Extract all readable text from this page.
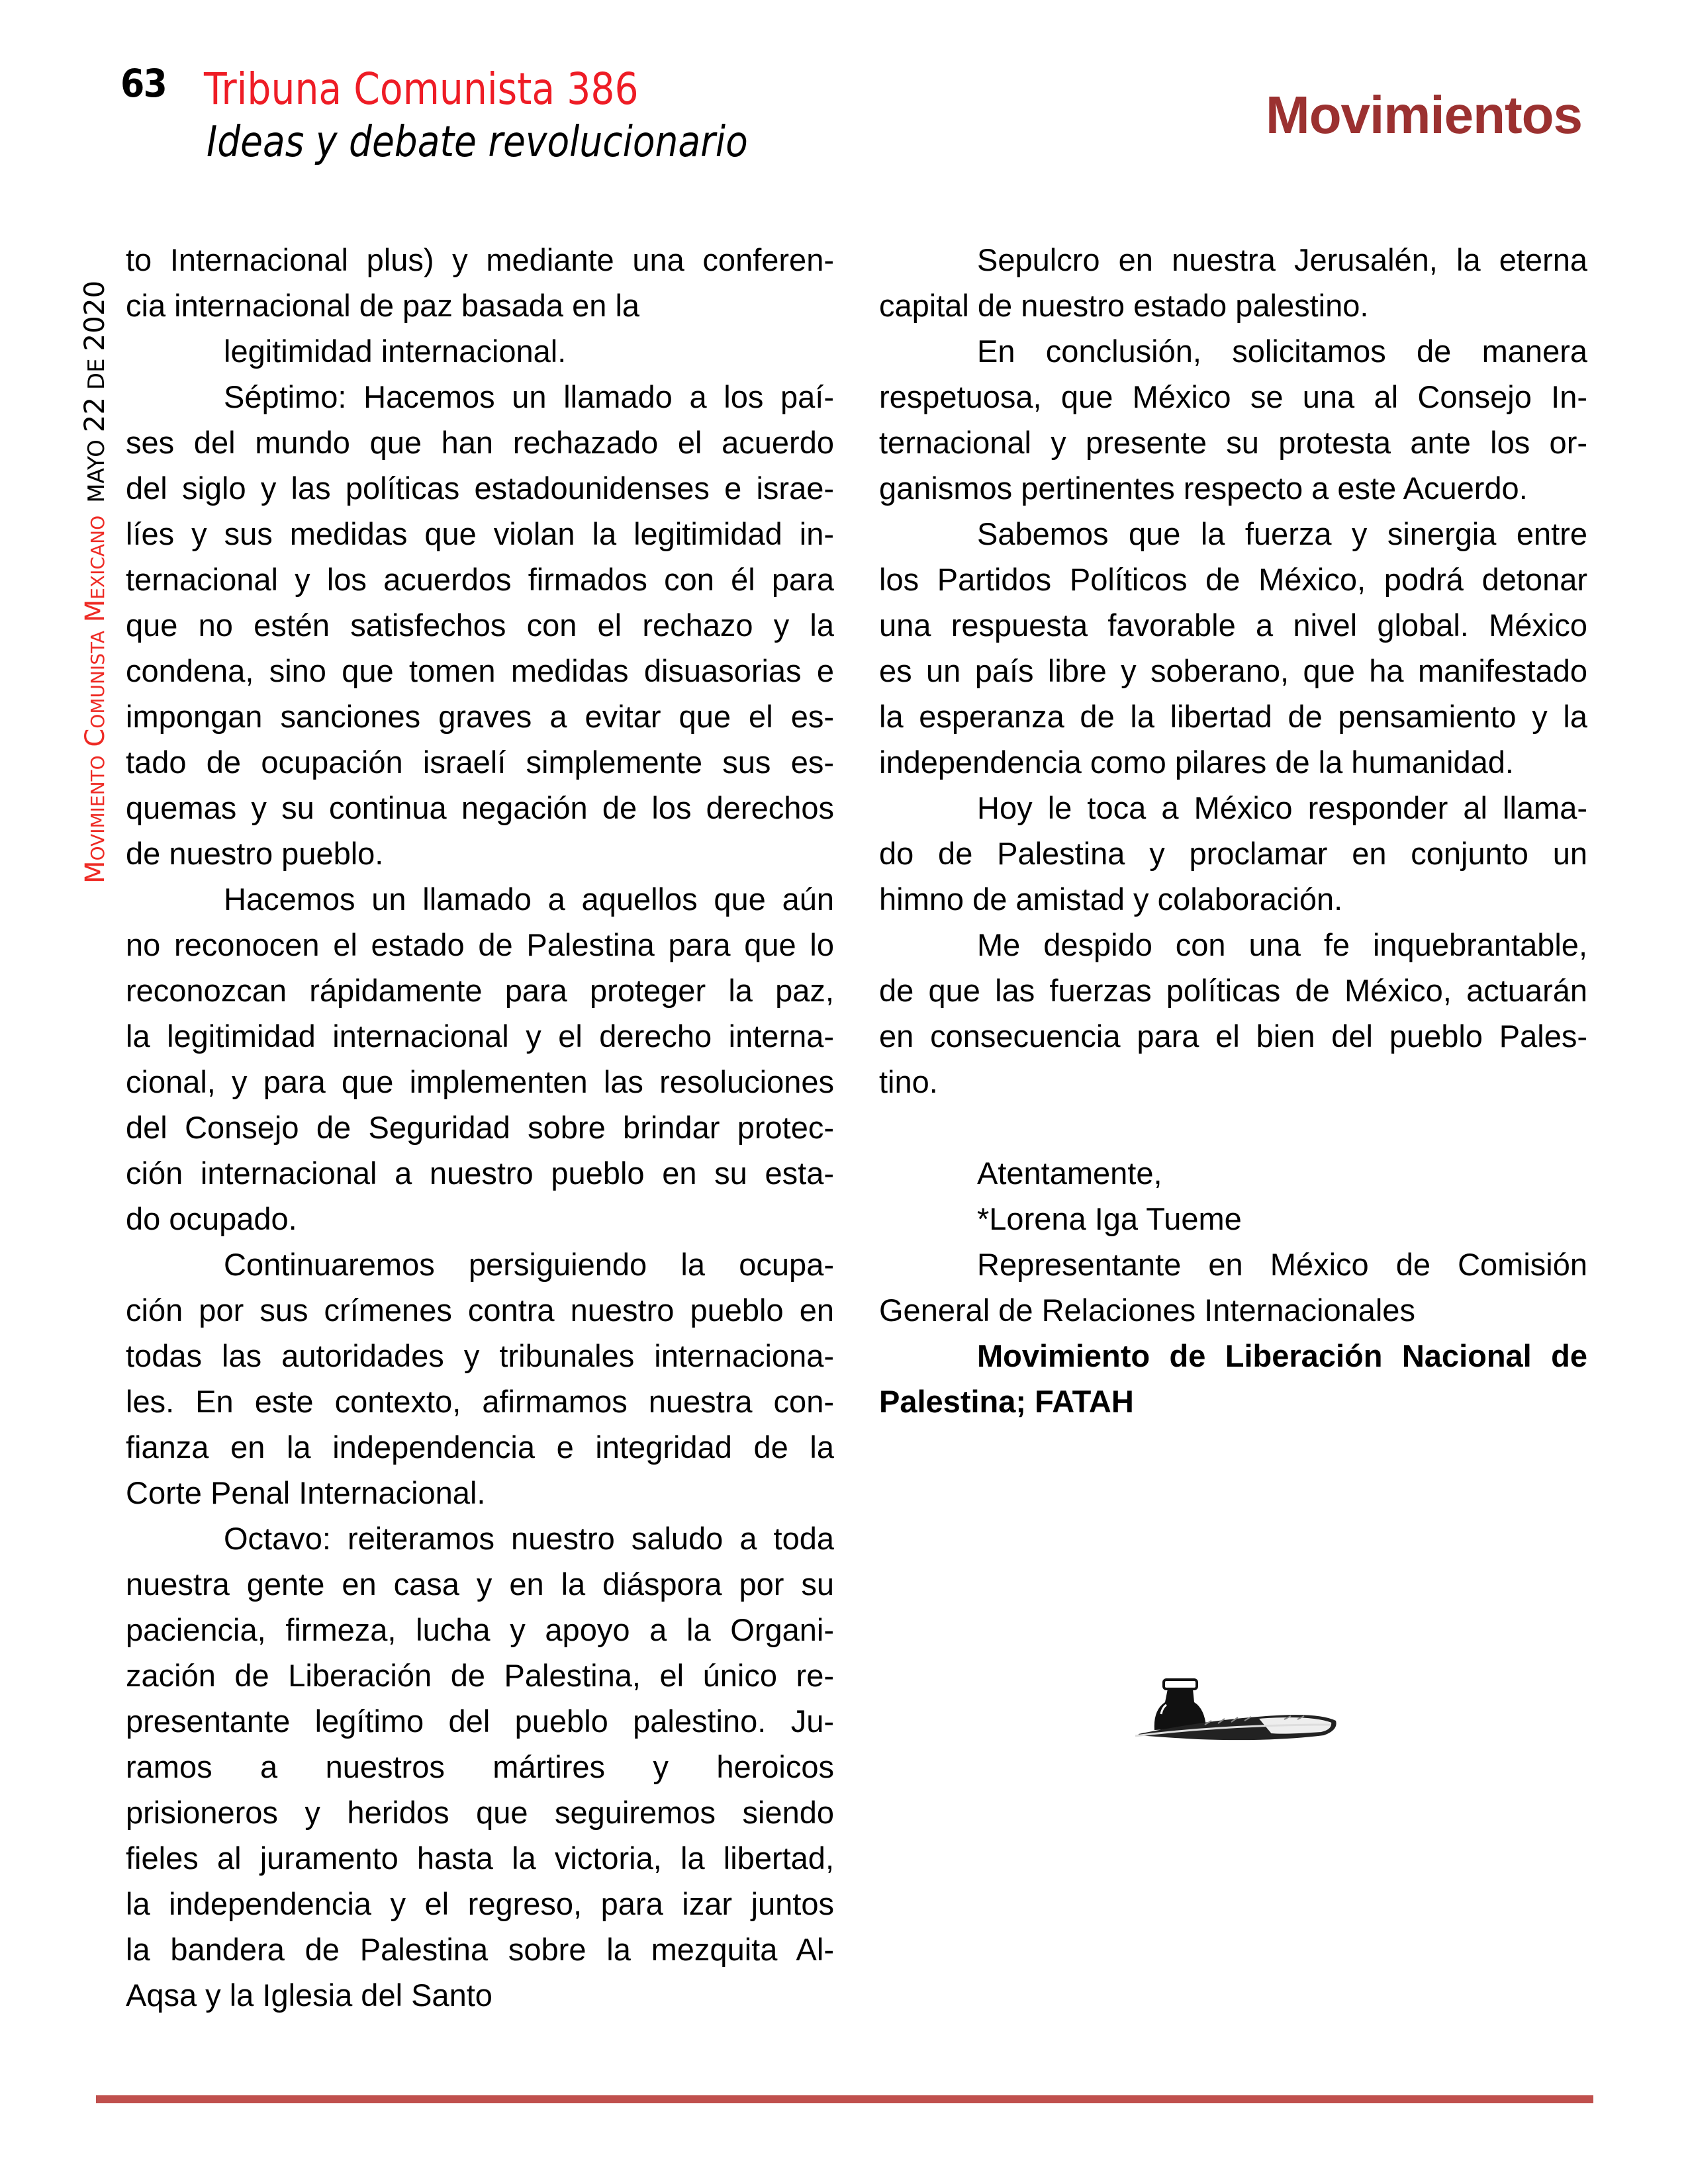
63 Tribuna Comunista 386
Ideas y debate revolucionario	Movimientos
Movimiento Comunista Mexicano MAYO 22 DE 2020
to Internacional plus) y mediante una conferen-
cia internacional de paz basada en la
legitimidad internacional.
Séptimo: Hacemos un llamado a los paí-
ses del mundo que han rechazado el acuerdo
del siglo y las políticas estadounidenses e israe-
líes y sus medidas que violan la legitimidad in-
ternacional y los acuerdos firmados con él para
que no estén satisfechos con el rechazo y la
condena, sino que tomen medidas disuasorias e
impongan sanciones graves a evitar que el es-
tado de ocupación israelí simplemente sus es-
quemas y su continua negación de los derechos
de nuestro pueblo.
Hacemos un llamado a aquellos que aún
no reconocen el estado de Palestina para que lo
reconozcan rápidamente para proteger la paz,
la legitimidad internacional y el derecho interna-
cional, y para que implementen las resoluciones
del Consejo de Seguridad sobre brindar protec-
ción internacional a nuestro pueblo en su esta-
do ocupado.
Continuaremos persiguiendo la ocupa-
ción por sus crímenes contra nuestro pueblo en
todas las autoridades y tribunales internaciona-
les. En este contexto, afirmamos nuestra con-
fianza en la independencia e integridad de la
Corte Penal Internacional.
Octavo: reiteramos nuestro saludo a toda
nuestra gente en casa y en la diáspora por su
paciencia, firmeza, lucha y apoyo a la Organi-
zación de Liberación de Palestina, el único re-
presentante legítimo del pueblo palestino. Ju-
ramos a nuestros mártires y heroicos
prisioneros y heridos que seguiremos siendo
fieles al juramento hasta la victoria, la libertad,
la independencia y el regreso, para izar juntos
la bandera de Palestina sobre la mezquita Al-
Aqsa y la Iglesia del Santo
Sepulcro en nuestra Jerusalén, la eterna
capital de nuestro estado palestino.
En conclusión, solicitamos de manera
respetuosa, que México se una al Consejo In-
ternacional y presente su protesta ante los or-
ganismos pertinentes respecto a este Acuerdo.
Sabemos que la fuerza y sinergia entre
los Partidos Políticos de México, podrá detonar
una respuesta favorable a nivel global. México
es un país libre y soberano, que ha manifestado
la esperanza de la libertad de pensamiento y la
independencia como pilares de la humanidad.
Hoy le toca a México responder al llama-
do de Palestina y proclamar en conjunto un
himno de amistad y colaboración.
Me despido con una fe inquebrantable,
de que las fuerzas políticas de México, actuarán
en consecuencia para el bien del pueblo Pales-
tino.
Atentamente,
*Lorena Iga Tueme
Representante en México de Comisión
General de Relaciones Internacionales
Movimiento de Liberación Nacional de
Palestina; FATAH
